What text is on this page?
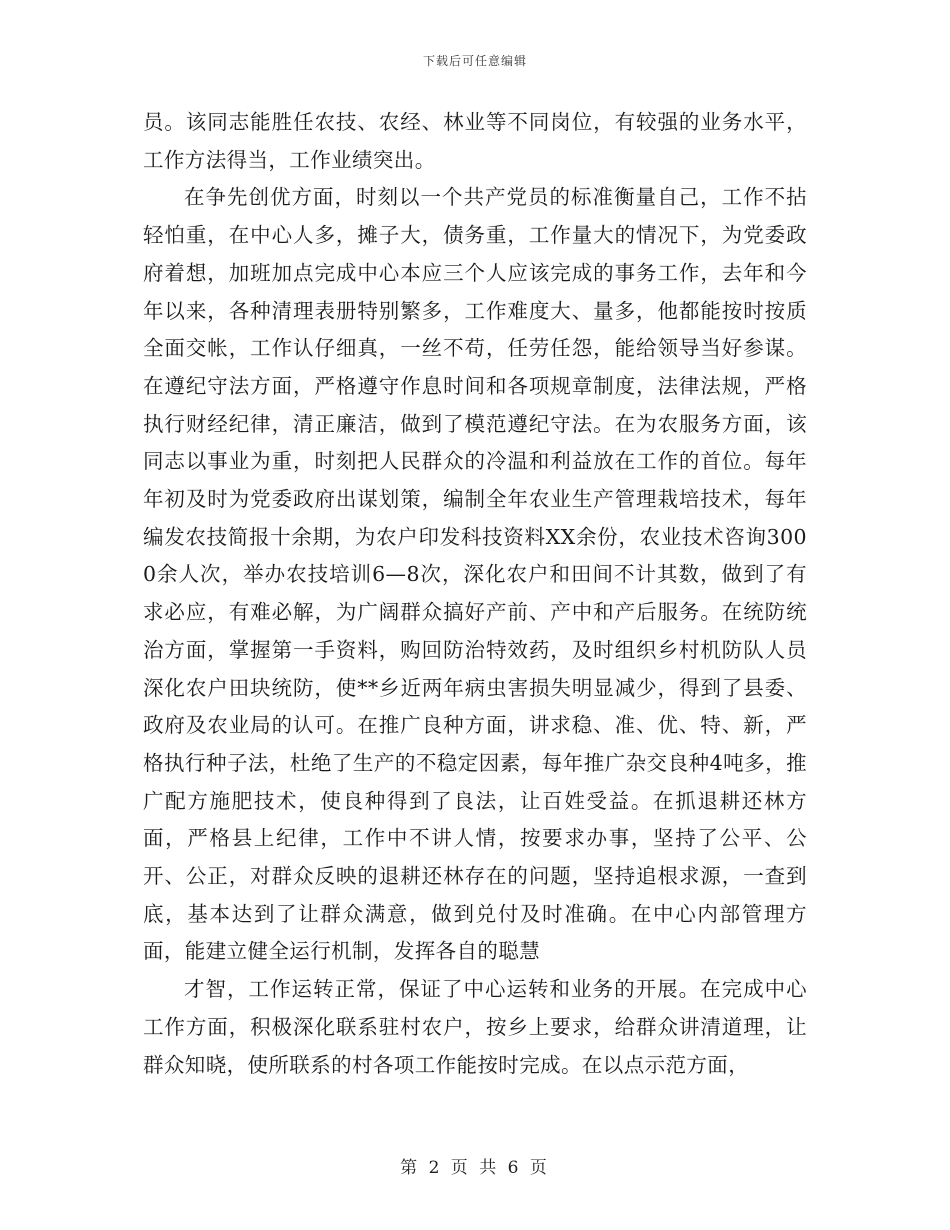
下载后可任意编辑

员。该同志能胜任农技、农经、林业等不同岗位，有较强的业务水平，工作方法得当，工作业绩突出。

在争先创优方面，时刻以一个共产党员的标准衡量自己，工作不拈轻怕重，在中心人多，摊子大，债务重，工作量大的情况下，为党委政府着想，加班加点完成中心本应三个人应该完成的事务工作，去年和今年以来，各种清理表册特别繁多，工作难度大、量多，他都能按时按质全面交帐，工作认仔细真，一丝不苟，任劳任怨，能给领导当好参谋。在遵纪守法方面，严格遵守作息时间和各项规章制度，法律法规，严格执行财经纪律，清正廉洁，做到了模范遵纪守法。在为农服务方面，该同志以事业为重，时刻把人民群众的冷温和利益放在工作的首位。每年年初及时为党委政府出谋划策，编制全年农业生产管理栽培技术，每年编发农技简报十余期，为农户印发科技资料XX余份，农业技术咨询3000余人次，举办农技培训6—8次，深化农户和田间不计其数，做到了有求必应，有难必解，为广阔群众搞好产前、产中和产后服务。在统防统治方面，掌握第一手资料，购回防治特效药，及时组织乡村机防队人员深化农户田块统防，使**乡近两年病虫害损失明显减少，得到了县委、政府及农业局的认可。在推广良种方面，讲求稳、准、优、特、新，严格执行种子法，杜绝了生产的不稳定因素，每年推广杂交良种4吨多，推广配方施肥技术，使良种得到了良法，让百姓受益。在抓退耕还林方面，严格县上纪律，工作中不讲人情，按要求办事，坚持了公平、公开、公正，对群众反映的退耕还林存在的问题，坚持追根求源，一查到底，基本达到了让群众满意，做到兑付及时准确。在中心内部管理方面，能建立健全运行机制，发挥各自的聪慧

才智，工作运转正常，保证了中心运转和业务的开展。在完成中心工作方面，积极深化联系驻村农户，按乡上要求，给群众讲清道理，让群众知晓，使所联系的村各项工作能按时完成。在以点示范方面，

第 2 页 共 6 页
